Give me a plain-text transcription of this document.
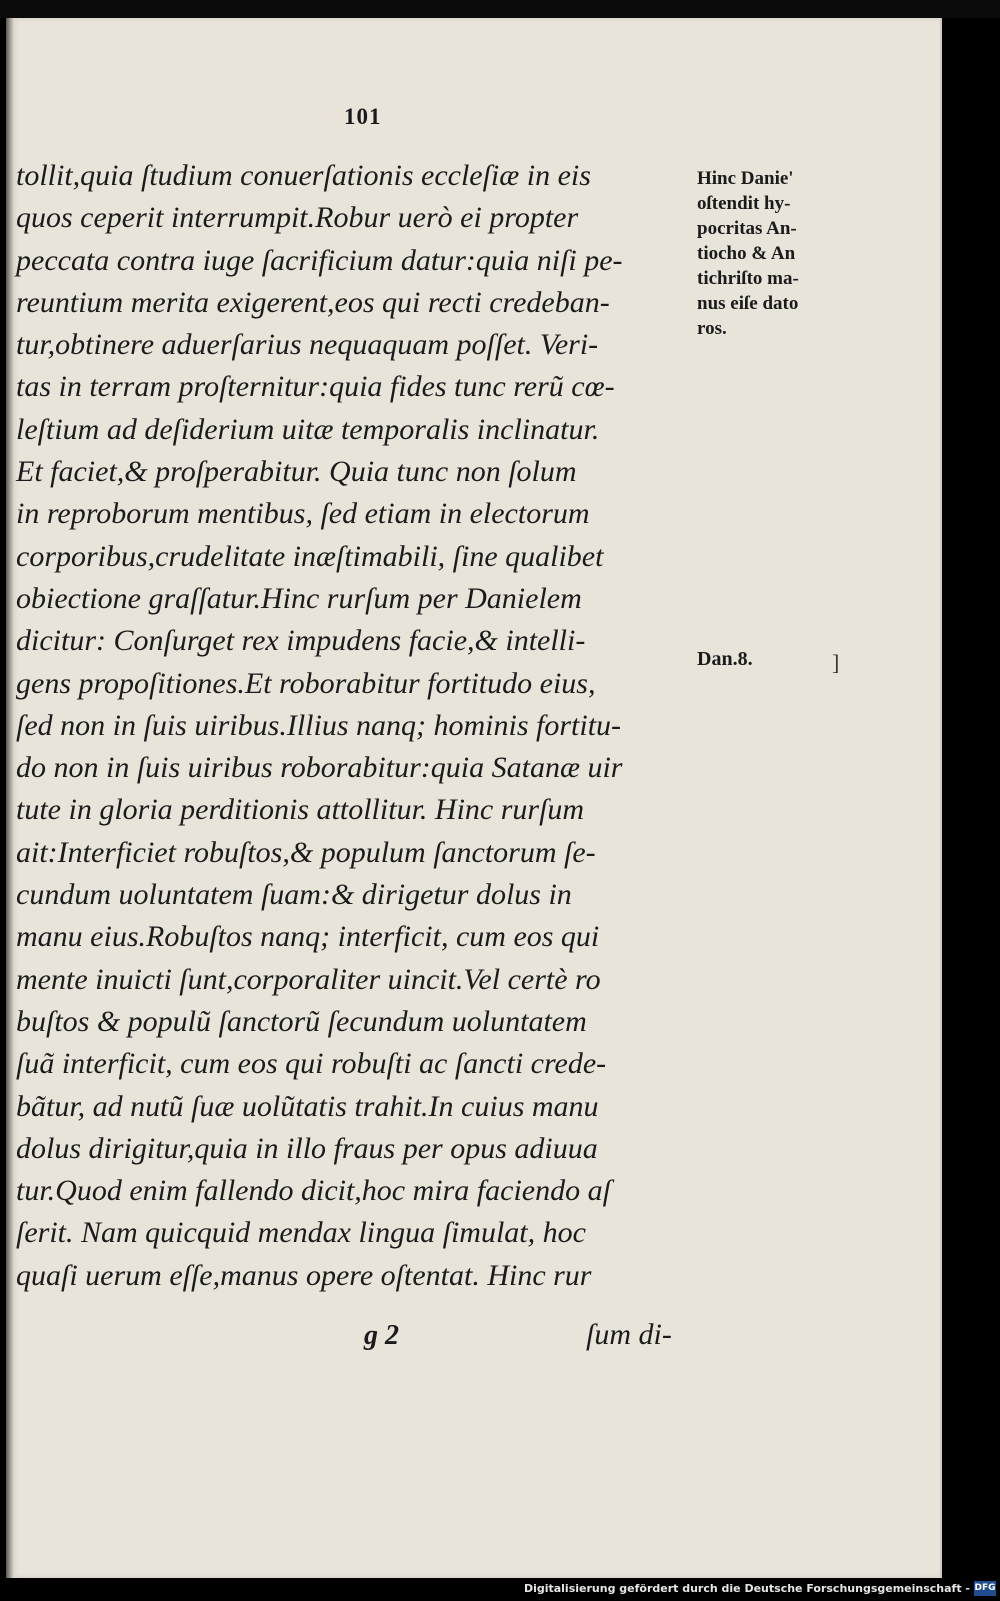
101
tollit,quia ſtudium conuerſationis eccleſiæ in eis
quos ceperit interrumpit.Robur uerò ei propter
peccata contra iuge ſacrificium datur:quia niſi pe-
reuntium merita exigerent,eos qui recti credeban-
tur,obtinere aduerſarius nequaquam poſſet. Veri-
tas in terram proſternitur:quia fides tunc rerũ cœ-
leſtium ad deſiderium uitæ temporalis inclinatur.
Et faciet,& proſperabitur. Quia tunc non ſolum
in reproborum mentibus, ſed etiam in electorum
corporibus,crudelitate inæſtimabili, ſine qualibet
obiectione graſſatur.Hinc rurſum per Danielem
dicitur: Conſurget rex impudens facie,& intelli-
gens propoſitiones.Et roborabitur fortitudo eius,
ſed non in ſuis uiribus.Illius nanq; hominis fortitu-
do non in ſuis uiribus roborabitur:quia Satanæ uir
tute in gloria perditionis attollitur. Hinc rurſum
ait:Interficiet robuſtos,& populum ſanctorum ſe-
cundum uoluntatem ſuam:& dirigetur dolus in
manu eius.Robuſtos nanq; interficit, cum eos qui
mente inuicti ſunt,corporaliter uincit.Vel certè ro
buſtos & populũ ſanctorũ ſecundum uoluntatem
ſuã interficit, cum eos qui robuſti ac ſancti crede-
bãtur, ad nutũ ſuæ uolũtatis trahit.In cuius manu
dolus dirigitur,quia in illo fraus per opus adiuua
tur.Quod enim fallendo dicit,hoc mira faciendo aſ
ſerit. Nam quicquid mendax lingua ſimulat, hoc
quaſi uerum eſſe,manus opere oſtentat. Hinc rur
Hinc Danie'
oſtendit hy-
pocritas An-
tiocho & An
tichriſto ma-
nus eiſe dato
ros.
Dan.8.	]
g 2	ſum di-
Digitalisierung gefördert durch die Deutsche Forschungsgemeinschaft - DFG
